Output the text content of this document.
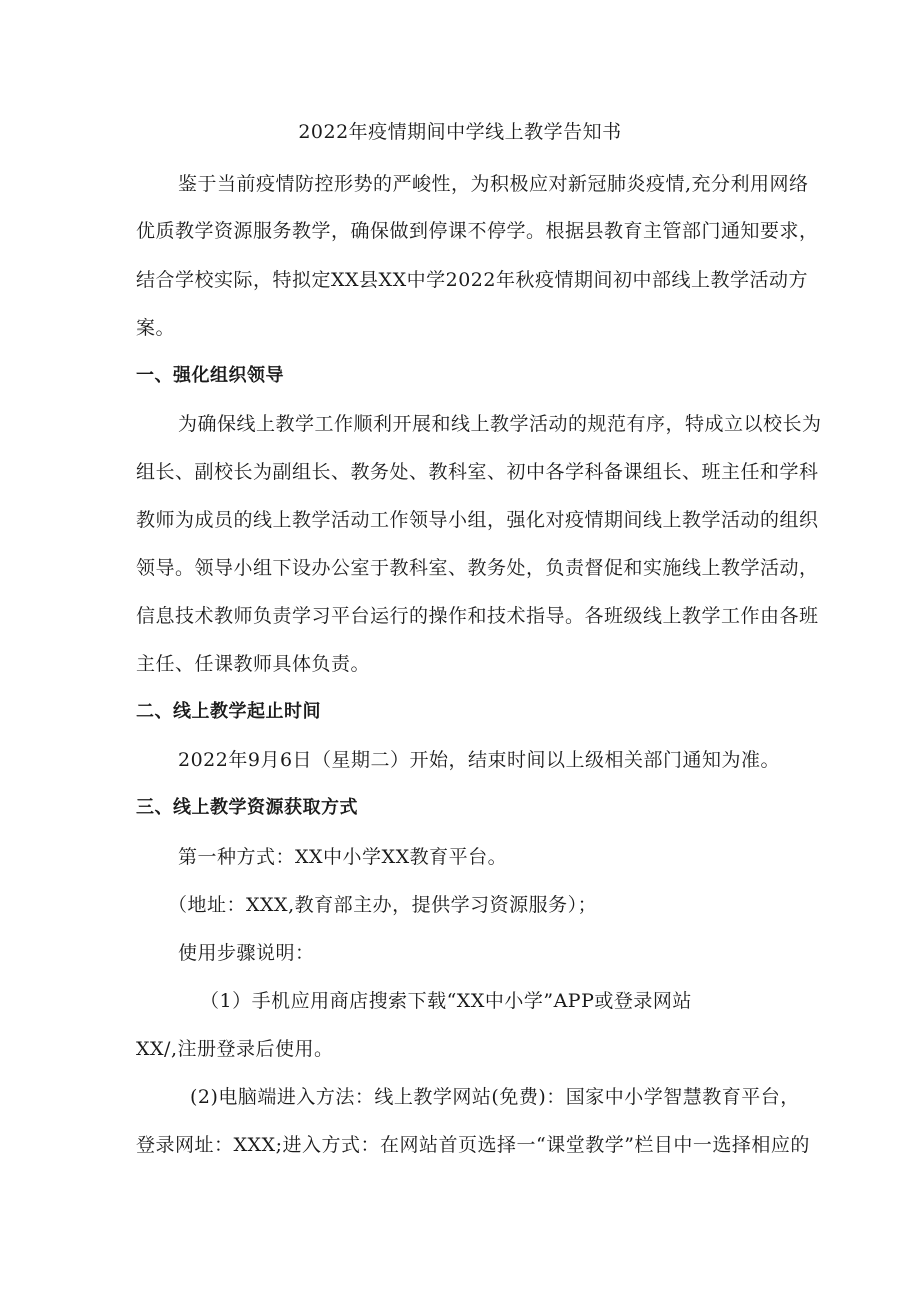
2022年疫情期间中学线上教学告知书
鉴于当前疫情防控形势的严峻性，为积极应对新冠肺炎疫情,充分利用网络
优质教学资源服务教学，确保做到停课不停学。根据县教育主管部门通知要求，
结合学校实际，特拟定XX县XX中学2022年秋疫情期间初中部线上教学活动方
案。
一、强化组织领导
为确保线上教学工作顺利开展和线上教学活动的规范有序，特成立以校长为
组长、副校长为副组长、教务处、教科室、初中各学科备课组长、班主任和学科
教师为成员的线上教学活动工作领导小组，强化对疫情期间线上教学活动的组织
领导。领导小组下设办公室于教科室、教务处，负责督促和实施线上教学活动，
信息技术教师负责学习平台运行的操作和技术指导。各班级线上教学工作由各班
主任、任课教师具体负责。
二、线上教学起止时间
2022年9月6日（星期二）开始，结束时间以上级相关部门通知为准。
三、线上教学资源获取方式
第一种方式：XX中小学XX教育平台。
（地址：XXX,教育部主办，提供学习资源服务）；
使用步骤说明：
（1）手机应用商店搜索下载“XX中小学”APP或登录网站
XX/,注册登录后使用。
(2)电脑端进入方法：线上教学网站(免费)：国家中小学智慧教育平台，
登录网址：XXX;进入方式：在网站首页选择一“课堂教学”栏目中一选择相应的
